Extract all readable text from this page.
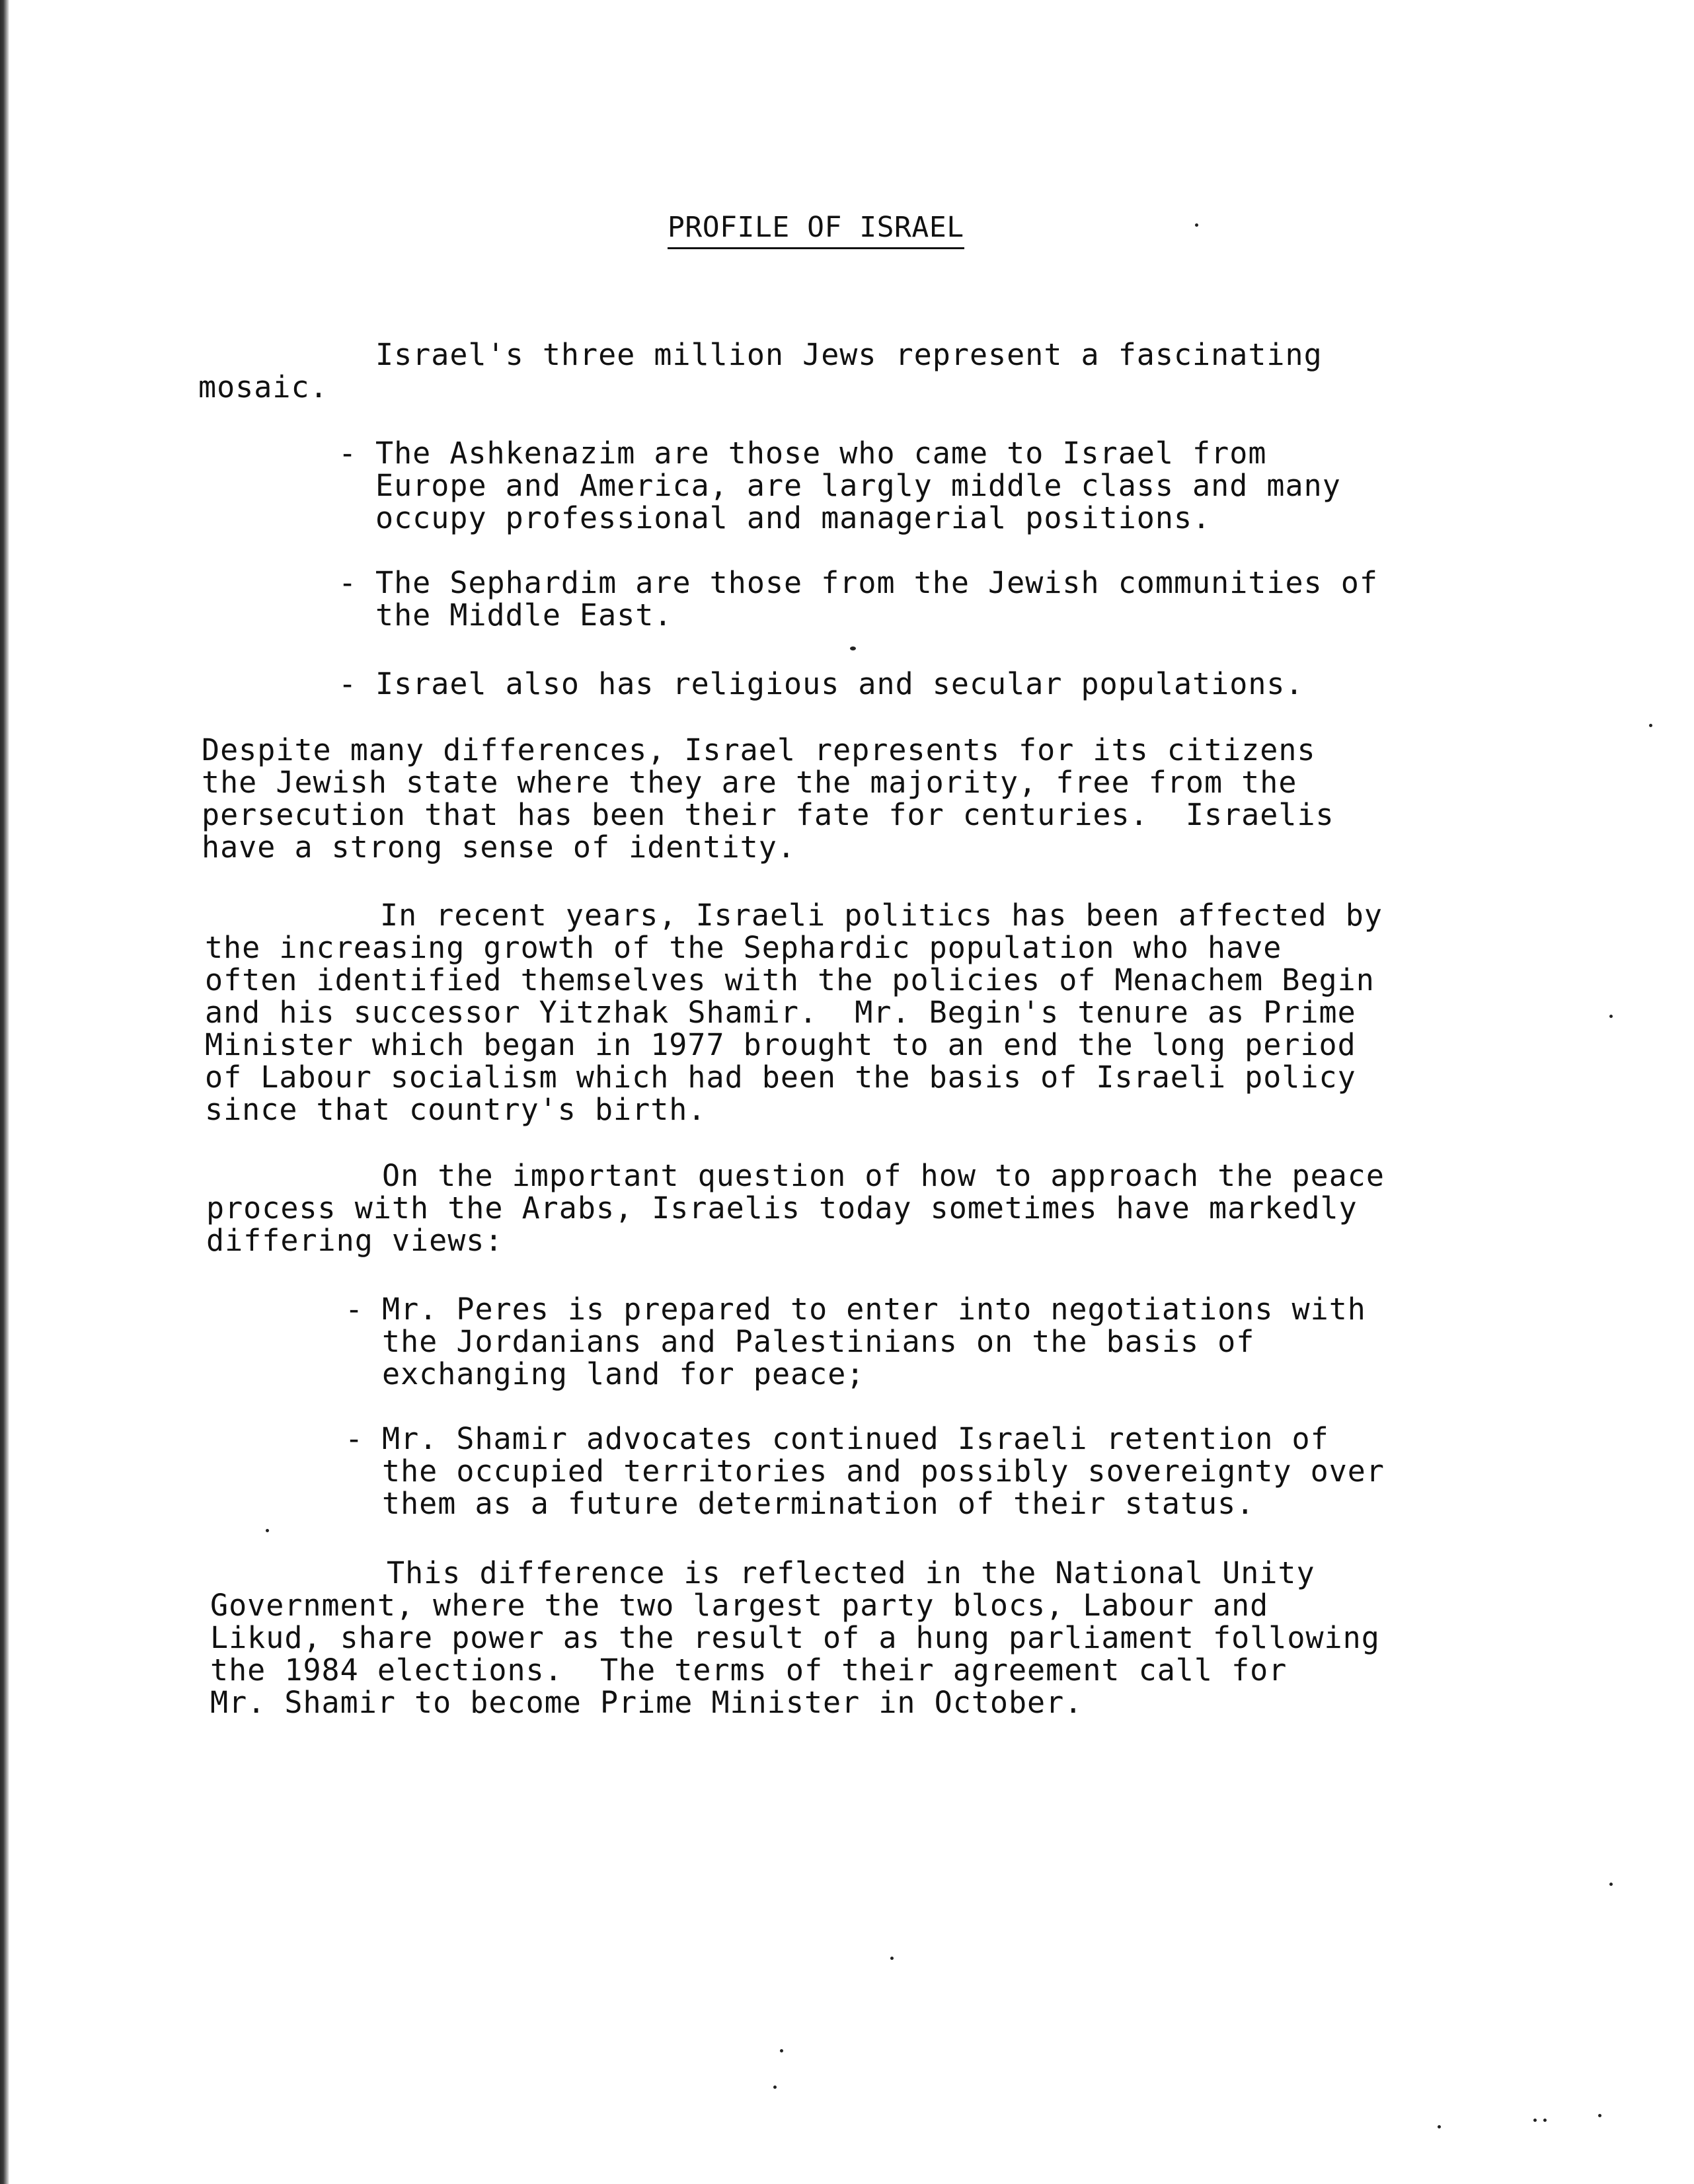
PROFILE OF ISRAEL
Israel's three million Jews represent a fascinating
mosaic.
- The Ashkenazim are those who came to Israel from
Europe and America, are largly middle class and many
occupy professional and managerial positions.
- The Sephardim are those from the Jewish communities of
the Middle East.
- Israel also has religious and secular populations.
Despite many differences, Israel represents for its citizens
the Jewish state where they are the majority, free from the
persecution that has been their fate for centuries.  Israelis
have a strong sense of identity.
In recent years, Israeli politics has been affected by
the increasing growth of the Sephardic population who have
often identified themselves with the policies of Menachem Begin
and his successor Yitzhak Shamir.  Mr. Begin's tenure as Prime
Minister which began in 1977 brought to an end the long period
of Labour socialism which had been the basis of Israeli policy
since that country's birth.
On the important question of how to approach the peace
process with the Arabs, Israelis today sometimes have markedly
differing views:
- Mr. Peres is prepared to enter into negotiations with
the Jordanians and Palestinians on the basis of
exchanging land for peace;
- Mr. Shamir advocates continued Israeli retention of
the occupied territories and possibly sovereignty over
them as a future determination of their status.
This difference is reflected in the National Unity
Government, where the two largest party blocs, Labour and
Likud, share power as the result of a hung parliament following
the 1984 elections.  The terms of their agreement call for
Mr. Shamir to become Prime Minister in October.
